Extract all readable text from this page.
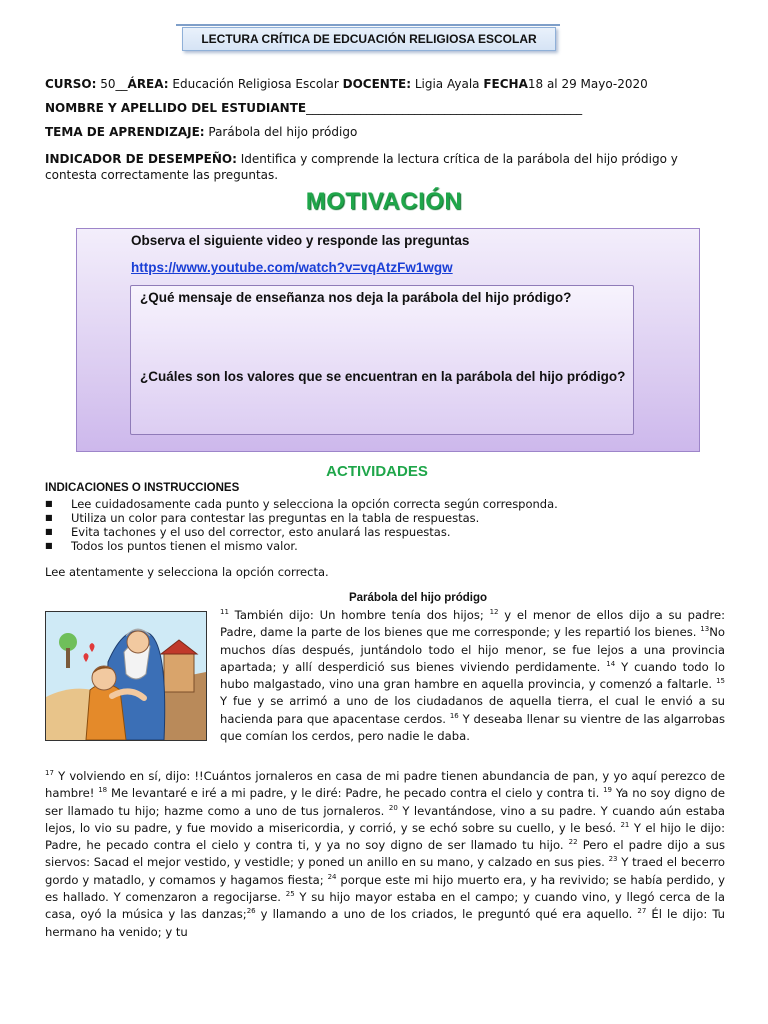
LECTURA CRÍTICA DE EDCUACIÓN RELIGIOSA ESCOLAR
CURSO: 50__ÁREA: Educación Religiosa Escolar DOCENTE: Ligia Ayala FECHA18 al 29 Mayo-2020
NOMBRE Y APELLIDO DEL ESTUDIANTE______________________________________________
TEMA DE APRENDIZAJE: Parábola del hijo pródigo
INDICADOR DE DESEMPEÑO: Identifica y comprende la lectura crítica de la parábola del hijo pródigo y contesta correctamente las preguntas.
MOTIVACIÓN
Observa el siguiente video y responde las preguntas
https://www.youtube.com/watch?v=vqAtzFw1wgw
¿Qué mensaje de enseñanza nos deja la parábola del hijo pródigo?
¿Cuáles son los valores que se encuentran en la parábola del hijo pródigo?
ACTIVIDADES
INDICACIONES O INSTRUCCIONES
■ Lee cuidadosamente cada punto y selecciona la opción correcta según corresponda.
■ Utiliza un color para contestar las preguntas en la tabla de respuestas.
■ Evita tachones y el uso del corrector, esto anulará las respuestas.
■ Todos los puntos tienen el mismo valor.
Lee atentamente y selecciona la opción correcta.
Parábola del hijo pródigo
$^{11}$ También dijo: Un hombre tenía dos hijos; $^{12}$ y el menor de ellos dijo a su padre: Padre, dame la parte de los bienes que me corresponde; y les repartió los bienes. $^{13}$No muchos días después, juntándolo todo el hijo menor, se fue lejos a una provincia apartada; y allí desperdició sus bienes viviendo perdidamente. $^{14}$ Y cuando todo lo hubo malgastado, vino una gran hambre en aquella provincia, y comenzó a faltarle. $^{15}$ Y fue y se arrimó a uno de los ciudadanos de aquella tierra, el cual le envió a su hacienda para que apacentase cerdos. $^{16}$ Y deseaba llenar su vientre de las algarrobas que comían los cerdos, pero nadie le daba.
$^{17}$ Y volviendo en sí, dijo: !!Cuántos jornaleros en casa de mi padre tienen abundancia de pan, y yo aquí perezco de hambre! $^{18}$ Me levantaré e iré a mi padre, y le diré: Padre, he pecado contra el cielo y contra ti. $^{19}$ Ya no soy digno de ser llamado tu hijo; hazme como a uno de tus jornaleros. $^{20}$ Y levantándose, vino a su padre. Y cuando aún estaba lejos, lo vio su padre, y fue movido a misericordia, y corrió, y se echó sobre su cuello, y le besó. $^{21}$ Y el hijo le dijo: Padre, he pecado contra el cielo y contra ti, y ya no soy digno de ser llamado tu hijo. $^{22}$ Pero el padre dijo a sus siervos: Sacad el mejor vestido, y vestidle; y poned un anillo en su mano, y calzado en sus pies. $^{23}$ Y traed el becerro gordo y matadlo, y comamos y hagamos fiesta; $^{24}$ porque este mi hijo muerto era, y ha revivido; se había perdido, y es hallado. Y comenzaron a regocijarse. $^{25}$ Y su hijo mayor estaba en el campo; y cuando vino, y llegó cerca de la casa, oyó la música y las danzas;$^{26}$ y llamando a uno de los criados, le preguntó qué era aquello. $^{27}$ Él le dijo: Tu hermano ha venido; y tu
